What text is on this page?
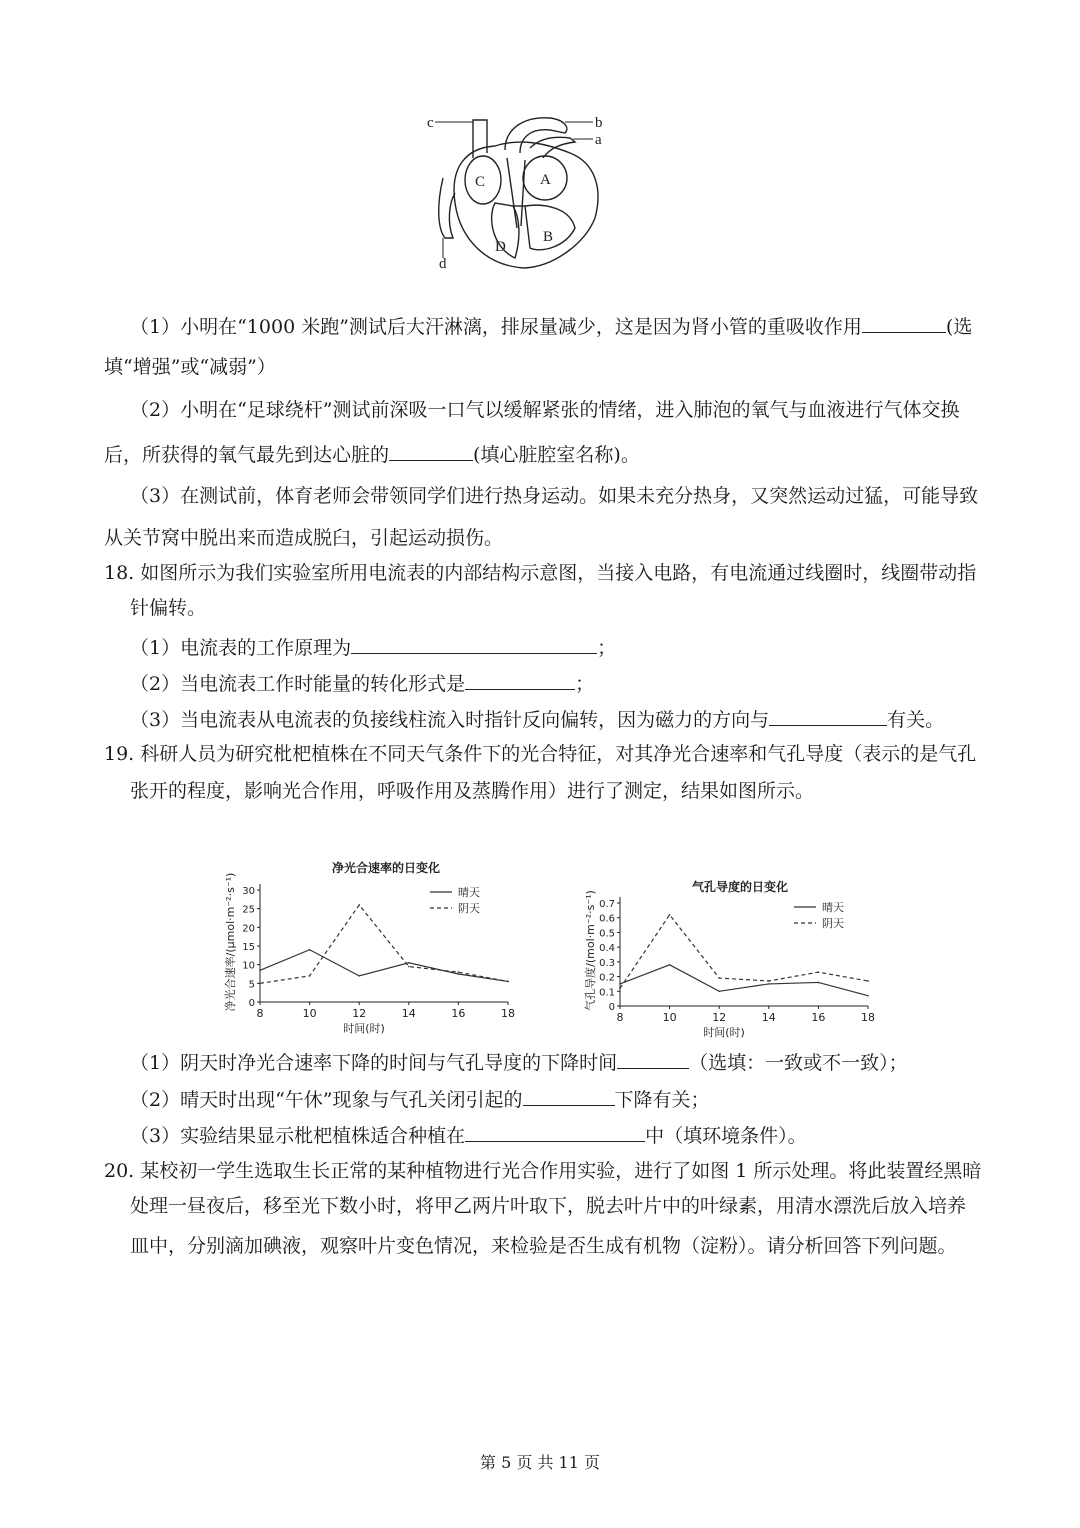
c	b
a
d
C	A
D
B
（1）小明在“1000 米跑”测试后大汗淋漓，排尿量减少，这是因为肾小管的重吸收作用	(选
填“增强”或“减弱”）
（2）小明在“足球绕杆”测试前深吸一口气以缓解紧张的情绪，进入肺泡的氧气与血液进行气体交换
后，所获得的氧气最先到达心脏的	(填心脏腔室名称)。
（3）在测试前，体育老师会带领同学们进行热身运动。如果未充分热身，又突然运动过猛，可能导致
从关节窝中脱出来而造成脱臼，引起运动损伤。
18. 如图所示为我们实验室所用电流表的内部结构示意图，当接入电路，有电流通过线圈时，线圈带动指
针偏转。
（1）电流表的工作原理为	；
（2）当电流表工作时能量的转化形式是	；
（3）当电流表从电流表的负接线柱流入时指针反向偏转，因为磁力的方向与	有关。
19. 科研人员为研究枇杷植株在不同天气条件下的光合特征，对其净光合速率和气孔导度（表示的是气孔
张开的程度，影响光合作用，呼吸作用及蒸腾作用）进行了测定，结果如图所示。
净光合速率的日变化
0
5
10
15
20
25
30
8	10	12	14	16	18
时间(时)
净光合速率/(μmol·m⁻²·s⁻¹)	晴天
阴天
气孔导度的日变化
0
0.1
0.2
0.3
0.4
0.5
0.6
0.7
8	10	12	14	16	18
时间(时)
气孔导度/(mol·m⁻²·s⁻¹)	晴天
阴天
（1）阴天时净光合速率下降的时间与气孔导度的下降时间	（选填：一致或不一致）；
（2）晴天时出现“午休”现象与气孔关闭引起的	下降有关；
（3）实验结果显示枇杷植株适合种植在	中（填环境条件）。
20. 某校初一学生选取生长正常的某种植物进行光合作用实验，进行了如图 1 所示处理。将此装置经黑暗
处理一昼夜后，移至光下数小时，将甲乙两片叶取下，脱去叶片中的叶绿素，用清水漂洗后放入培养
皿中，分别滴加碘液，观察叶片变色情况，来检验是否生成有机物（淀粉）。请分析回答下列问题。
第 5 页 共 11 页
